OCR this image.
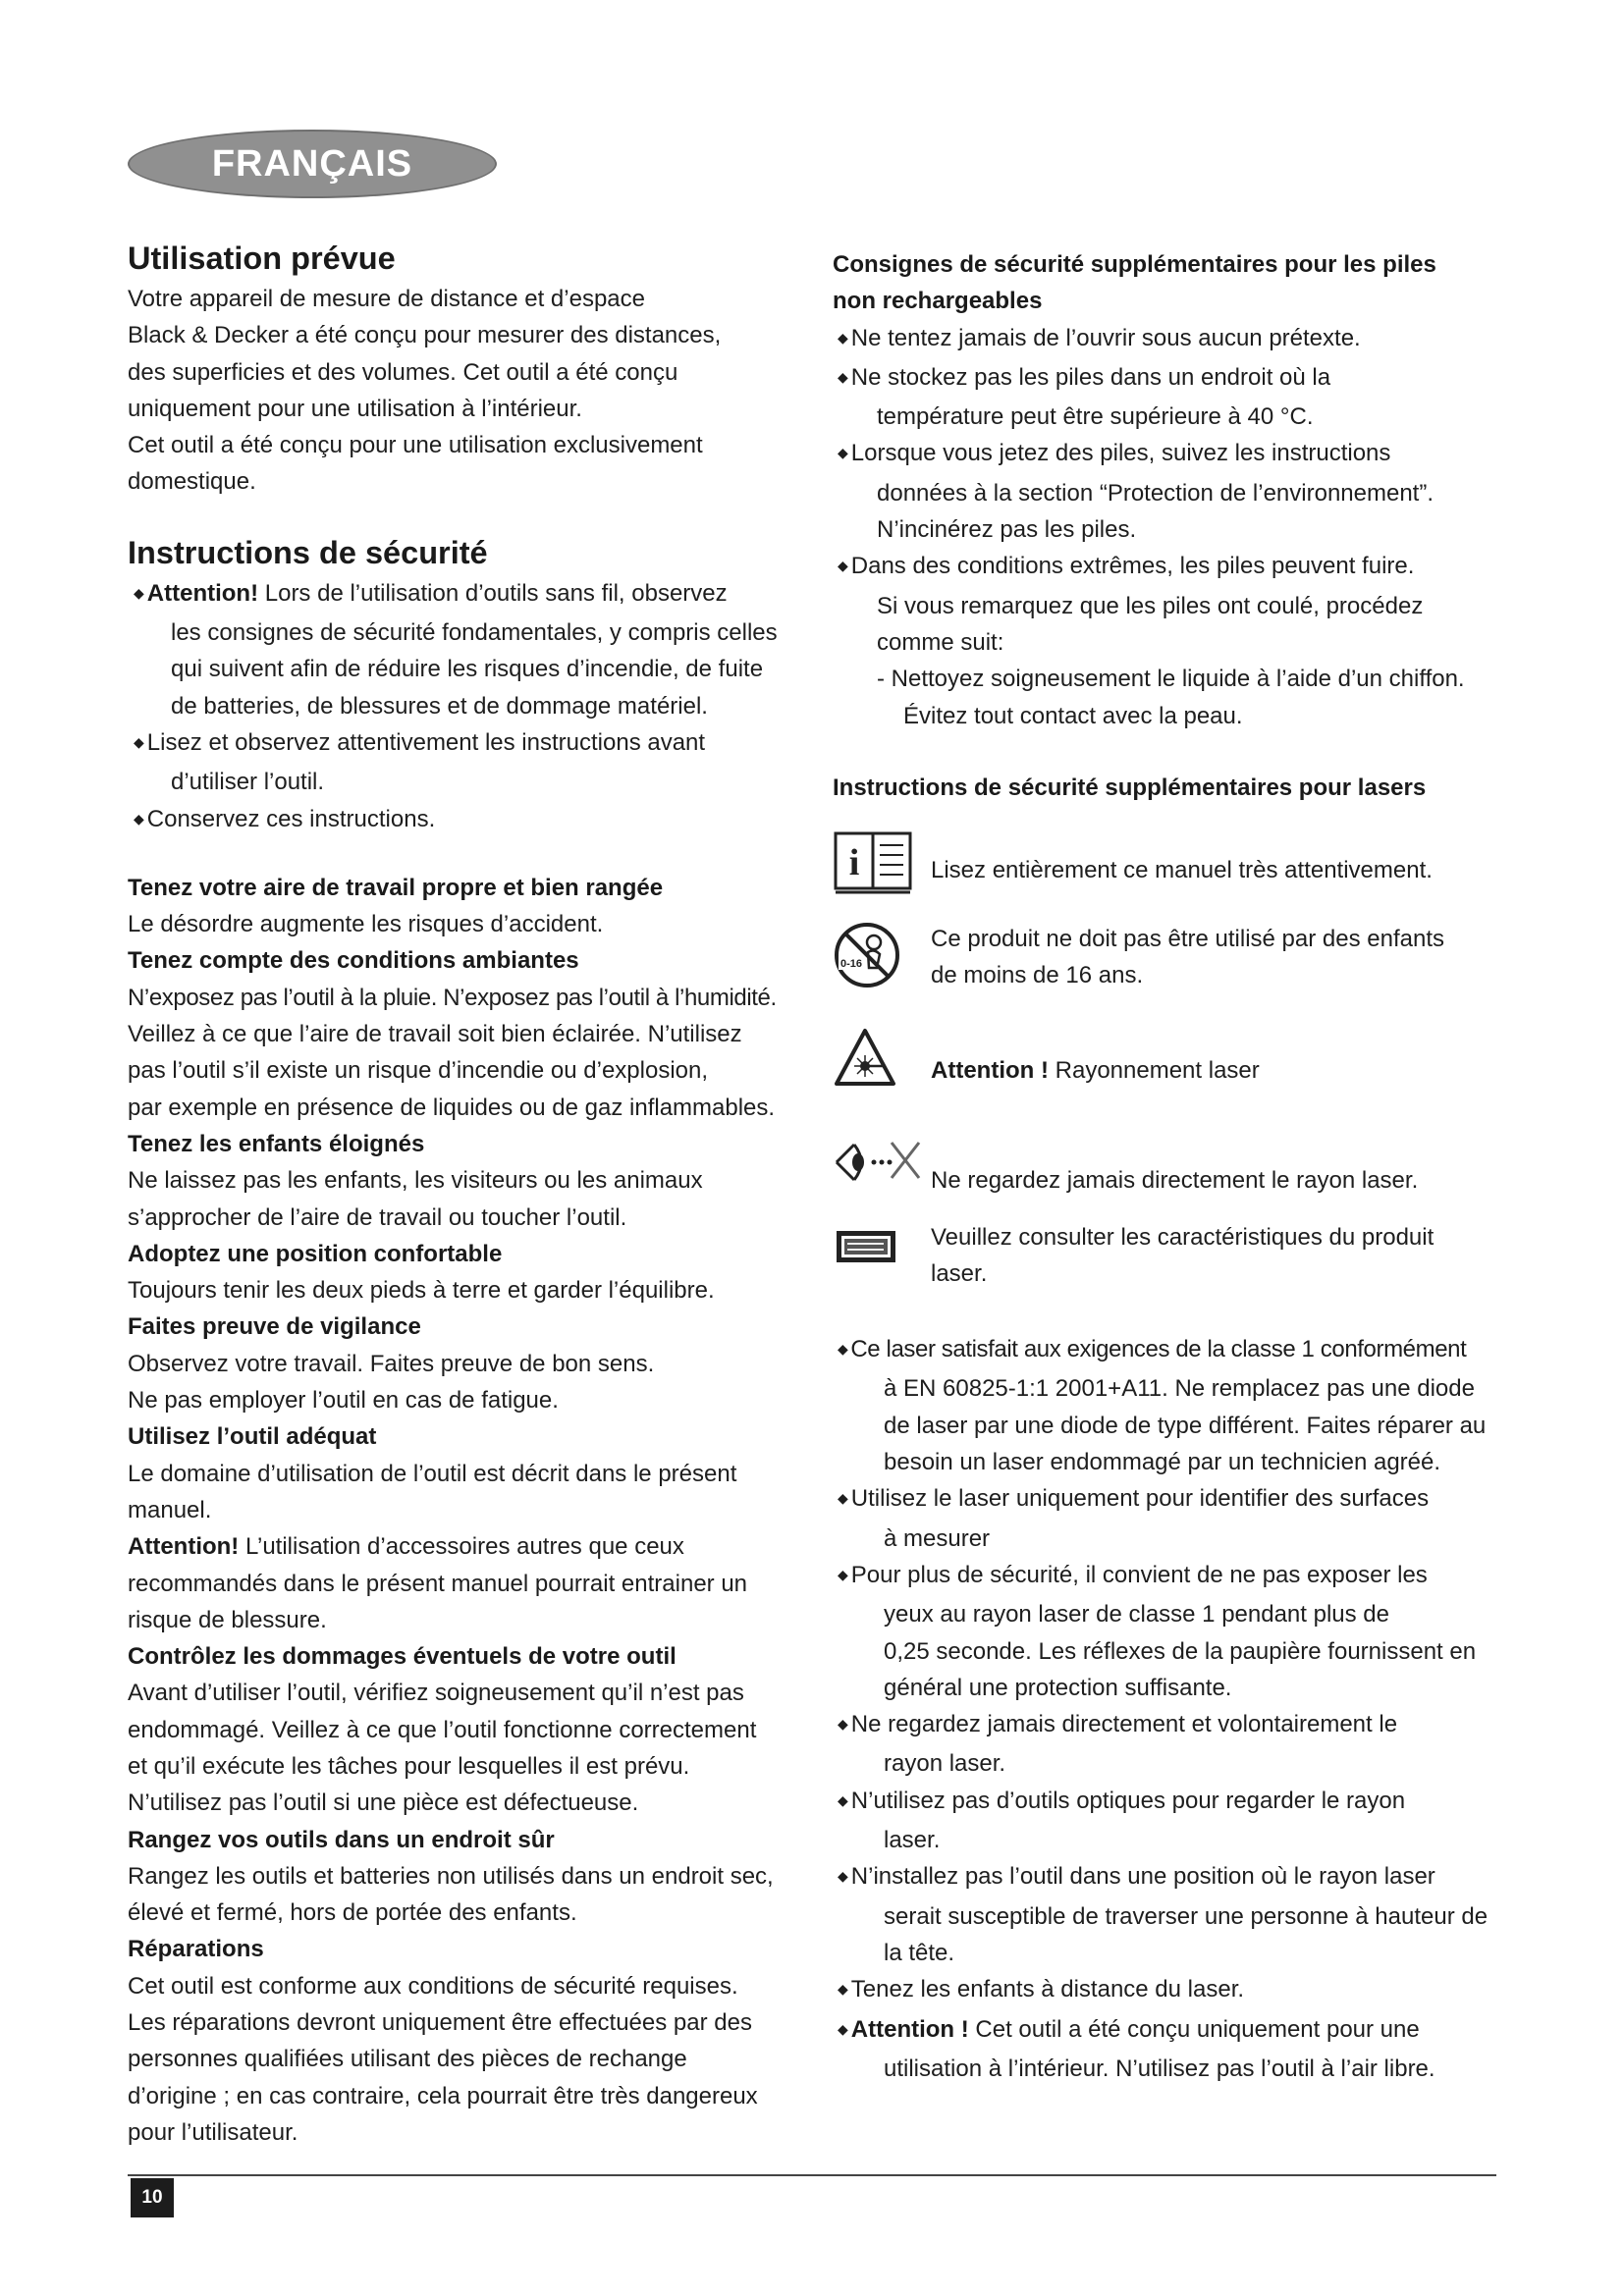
FRANÇAIS
Utilisation prévue

Votre appareil de mesure de distance et d’espace

Black & Decker a été conçu pour mesurer des distances,

des superficies et des volumes. Cet outil a été conçu

uniquement pour une utilisation à l’intérieur.

Cet outil a été conçu pour une utilisation exclusivement

domestique.

Instructions de sécurité

◆ Attention! Lors de l’utilisation d’outils sans fil, observez

les consignes de sécurité fondamentales, y compris celles

qui suivent afin de réduire les risques d’incendie, de fuite

de batteries, de blessures et de dommage matériel.

◆ Lisez et observez attentivement les instructions avant

d’utiliser l’outil.

◆ Conservez ces instructions.

Tenez votre aire de travail propre et bien rangée

Le désordre augmente les risques d’accident.

Tenez compte des conditions ambiantes

N’exposez pas l’outil à la pluie. N’exposez pas l’outil à l’humidité.

Veillez à ce que l’aire de travail soit bien éclairée. N’utilisez

pas l’outil s’il existe un risque d’incendie ou d’explosion,

par exemple en présence de liquides ou de gaz inflammables.

Tenez les enfants éloignés

Ne laissez pas les enfants, les visiteurs ou les animaux

s’approcher de l’aire de travail ou toucher l’outil.

Adoptez une position confortable

Toujours tenir les deux pieds à terre et garder l’équilibre.

Faites preuve de vigilance

Observez votre travail. Faites preuve de bon sens.

Ne pas employer l’outil en cas de fatigue.

Utilisez l’outil adéquat

Le domaine d’utilisation de l’outil est décrit dans le présent

manuel.

Attention! L’utilisation d’accessoires autres que ceux

recommandés dans le présent manuel pourrait entrainer un

risque de blessure.

Contrôlez les dommages éventuels de votre outil

Avant d’utiliser l’outil, vérifiez soigneusement qu’il n’est pas

endommagé. Veillez à ce que l’outil fonctionne correctement

et qu’il exécute les tâches pour lesquelles il est prévu.

N’utilisez pas l’outil si une pièce est défectueuse.

Rangez vos outils dans un endroit sûr

Rangez les outils et batteries non utilisés dans un endroit sec,

élevé et fermé, hors de portée des enfants.

Réparations

Cet outil est conforme aux conditions de sécurité requises.

Les réparations devront uniquement être effectuées par des

personnes qualifiées utilisant des pièces de rechange

d’origine ; en cas contraire, cela pourrait être très dangereux

pour l’utilisateur.

Consignes de sécurité supplémentaires pour les piles
non rechargeables

◆ Ne tentez jamais de l’ouvrir sous aucun prétexte.

◆ Ne stockez pas les piles dans un endroit où la

température peut être supérieure à 40 °C.

◆ Lorsque vous jetez des piles, suivez les instructions

données à la section “Protection de l’environnement”.

N’incinérez pas les piles.

◆ Dans des conditions extrêmes, les piles peuvent fuire.

Si vous remarquez que les piles ont coulé, procédez

comme suit:

- Nettoyez soigneusement le liquide à l’aide d’un chiffon.

Évitez tout contact avec la peau.

Instructions de sécurité supplémentaires pour lasers
i	Lisez entièrement ce manuel très attentivement.

0-16

Ce produit ne doit pas être utilisé par des enfants

de moins de 16 ans.

Attention ! Rayonnement laser

Ne regardez jamais directement le rayon laser.

Veuillez consulter les caractéristiques du produit

laser.

◆ Ce laser satisfait aux exigences de la classe 1 conformément

à EN 60825-1:1 2001+A11. Ne remplacez pas une diode

de laser par une diode de type différent. Faites réparer au

besoin un laser endommagé par un technicien agréé.

◆ Utilisez le laser uniquement pour identifier des surfaces

à mesurer

◆ Pour plus de sécurité, il convient de ne pas exposer les

yeux au rayon laser de classe 1 pendant plus de

0,25 seconde. Les réflexes de la paupière fournissent en

général une protection suffisante.

◆ Ne regardez jamais directement et volontairement le

rayon laser.

◆ N’utilisez pas d’outils optiques pour regarder le rayon

laser.

◆ N’installez pas l’outil dans une position où le rayon laser

serait susceptible de traverser une personne à hauteur de

la tête.

◆ Tenez les enfants à distance du laser.

◆ Attention ! Cet outil a été conçu uniquement pour une

utilisation à l’intérieur. N’utilisez pas l’outil à l’air libre.

10
